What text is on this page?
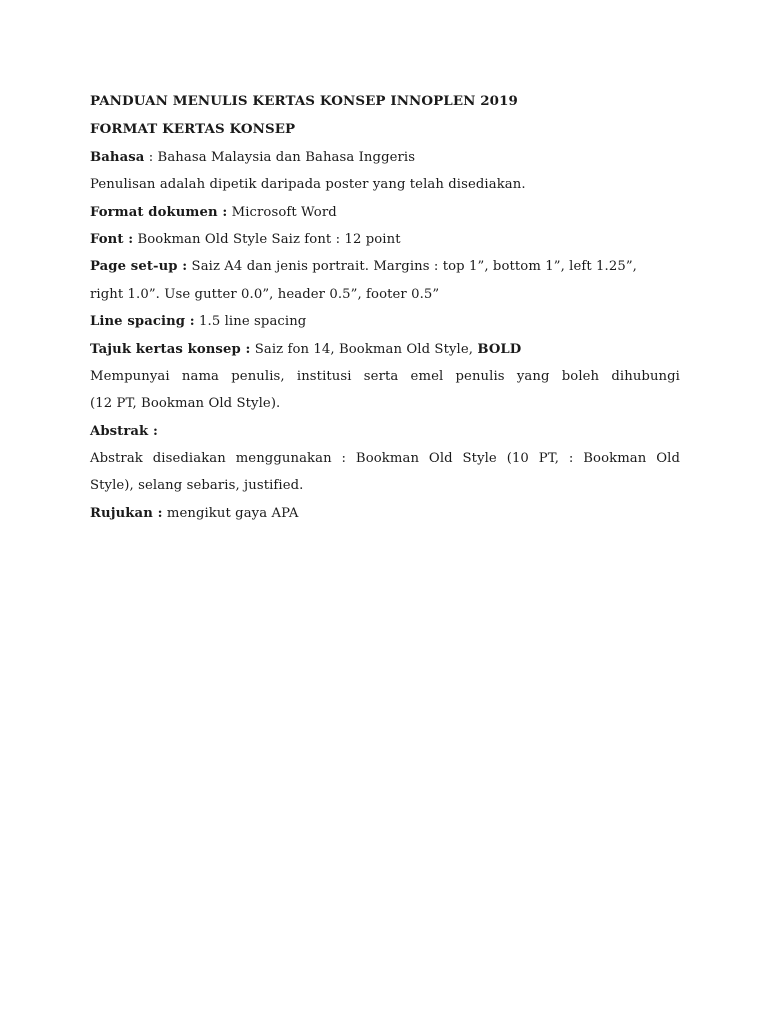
PANDUAN MENULIS KERTAS KONSEP INNOPLEN 2019
FORMAT KERTAS KONSEP
Bahasa : Bahasa Malaysia dan Bahasa Inggeris
Penulisan adalah dipetik daripada poster yang telah disediakan.
Format dokumen : Microsoft Word
Font : Bookman Old Style Saiz font : 12 point
Page set-up : Saiz A4 dan jenis portrait. Margins : top 1”, bottom 1”, left 1.25”,
right 1.0”. Use gutter 0.0”, header 0.5”, footer 0.5”
Line spacing : 1.5 line spacing
Tajuk kertas konsep : Saiz fon 14, Bookman Old Style, BOLD
Mempunyai nama penulis, institusi serta emel penulis yang boleh dihubungi
(12 PT, Bookman Old Style).
Abstrak :
Abstrak disediakan menggunakan : Bookman Old Style (10 PT, : Bookman Old
Style), selang sebaris, justified.
Rujukan : mengikut gaya APA
